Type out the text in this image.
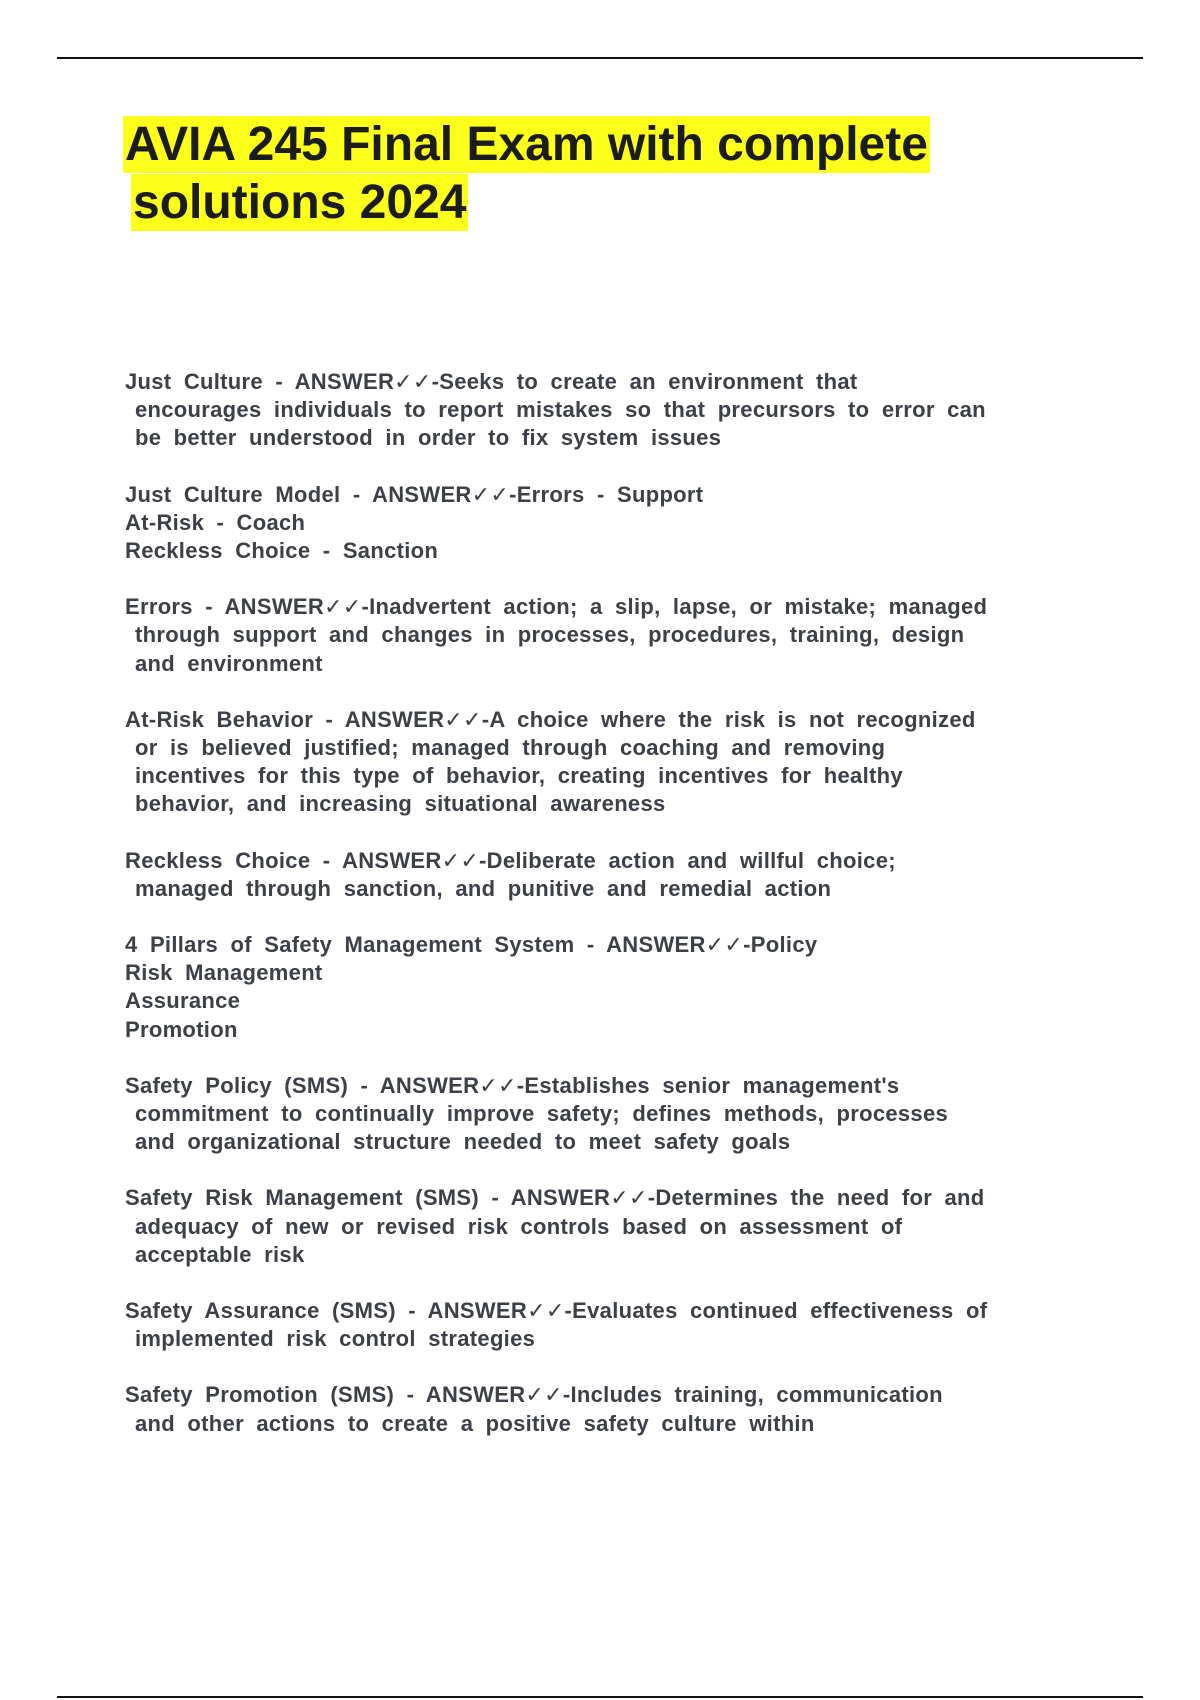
AVIA 245 Final Exam with complete
solutions 2024
Just Culture - ANSWER✓✓-Seeks to create an environment that
encourages individuals to report mistakes so that precursors to error can
be better understood in order to fix system issues
Just Culture Model - ANSWER✓✓-Errors - Support
At-Risk - Coach
Reckless Choice - Sanction
Errors - ANSWER✓✓-Inadvertent action; a slip, lapse, or mistake; managed
through support and changes in processes, procedures, training, design
and environment
At-Risk Behavior - ANSWER✓✓-A choice where the risk is not recognized
or is believed justified; managed through coaching and removing
incentives for this type of behavior, creating incentives for healthy
behavior, and increasing situational awareness
Reckless Choice - ANSWER✓✓-Deliberate action and willful choice;
managed through sanction, and punitive and remedial action
4 Pillars of Safety Management System - ANSWER✓✓-Policy
Risk Management
Assurance
Promotion
Safety Policy (SMS) - ANSWER✓✓-Establishes senior management's
commitment to continually improve safety; defines methods, processes
and organizational structure needed to meet safety goals
Safety Risk Management (SMS) - ANSWER✓✓-Determines the need for and
adequacy of new or revised risk controls based on assessment of
acceptable risk
Safety Assurance (SMS) - ANSWER✓✓-Evaluates continued effectiveness of
implemented risk control strategies
Safety Promotion (SMS) - ANSWER✓✓-Includes training, communication
and other actions to create a positive safety culture within
